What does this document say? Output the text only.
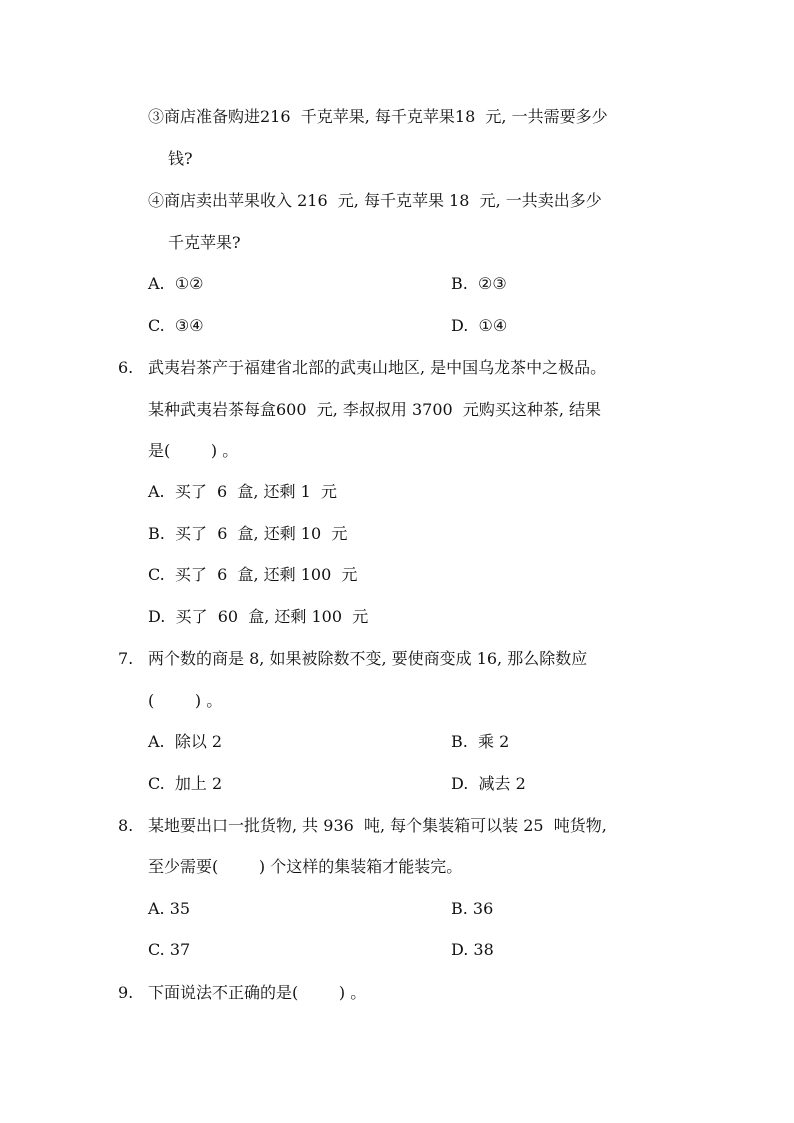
③商店准备购进216  千克苹果, 每千克苹果18  元, 一共需要多少
钱?
④商店卖出苹果收入 216  元, 每千克苹果 18  元, 一共卖出多少
千克苹果?
A.  ①②	B.  ②③
C.  ③④	D.  ①④
6. 武夷岩茶产于福建省北部的武夷山地区, 是中国乌龙茶中之极品。
某种武夷岩茶每盒600  元, 李叔叔用 3700  元购买这种茶, 结果
是(        ) 。
A.  买了  6  盒, 还剩 1  元
B.  买了  6  盒, 还剩 10  元
C.  买了  6  盒, 还剩 100  元
D.  买了  60  盒, 还剩 100  元
7. 两个数的商是 8, 如果被除数不变, 要使商变成 16, 那么除数应
(        ) 。
A.  除以 2	B.  乘 2
C.  加上 2	D.  减去 2
8. 某地要出口一批货物, 共 936  吨, 每个集装箱可以装 25  吨货物,
至少需要(        ) 个这样的集装箱才能装完。
A. 35	B. 36
C. 37	D. 38
9. 下面说法不正确的是(        ) 。
